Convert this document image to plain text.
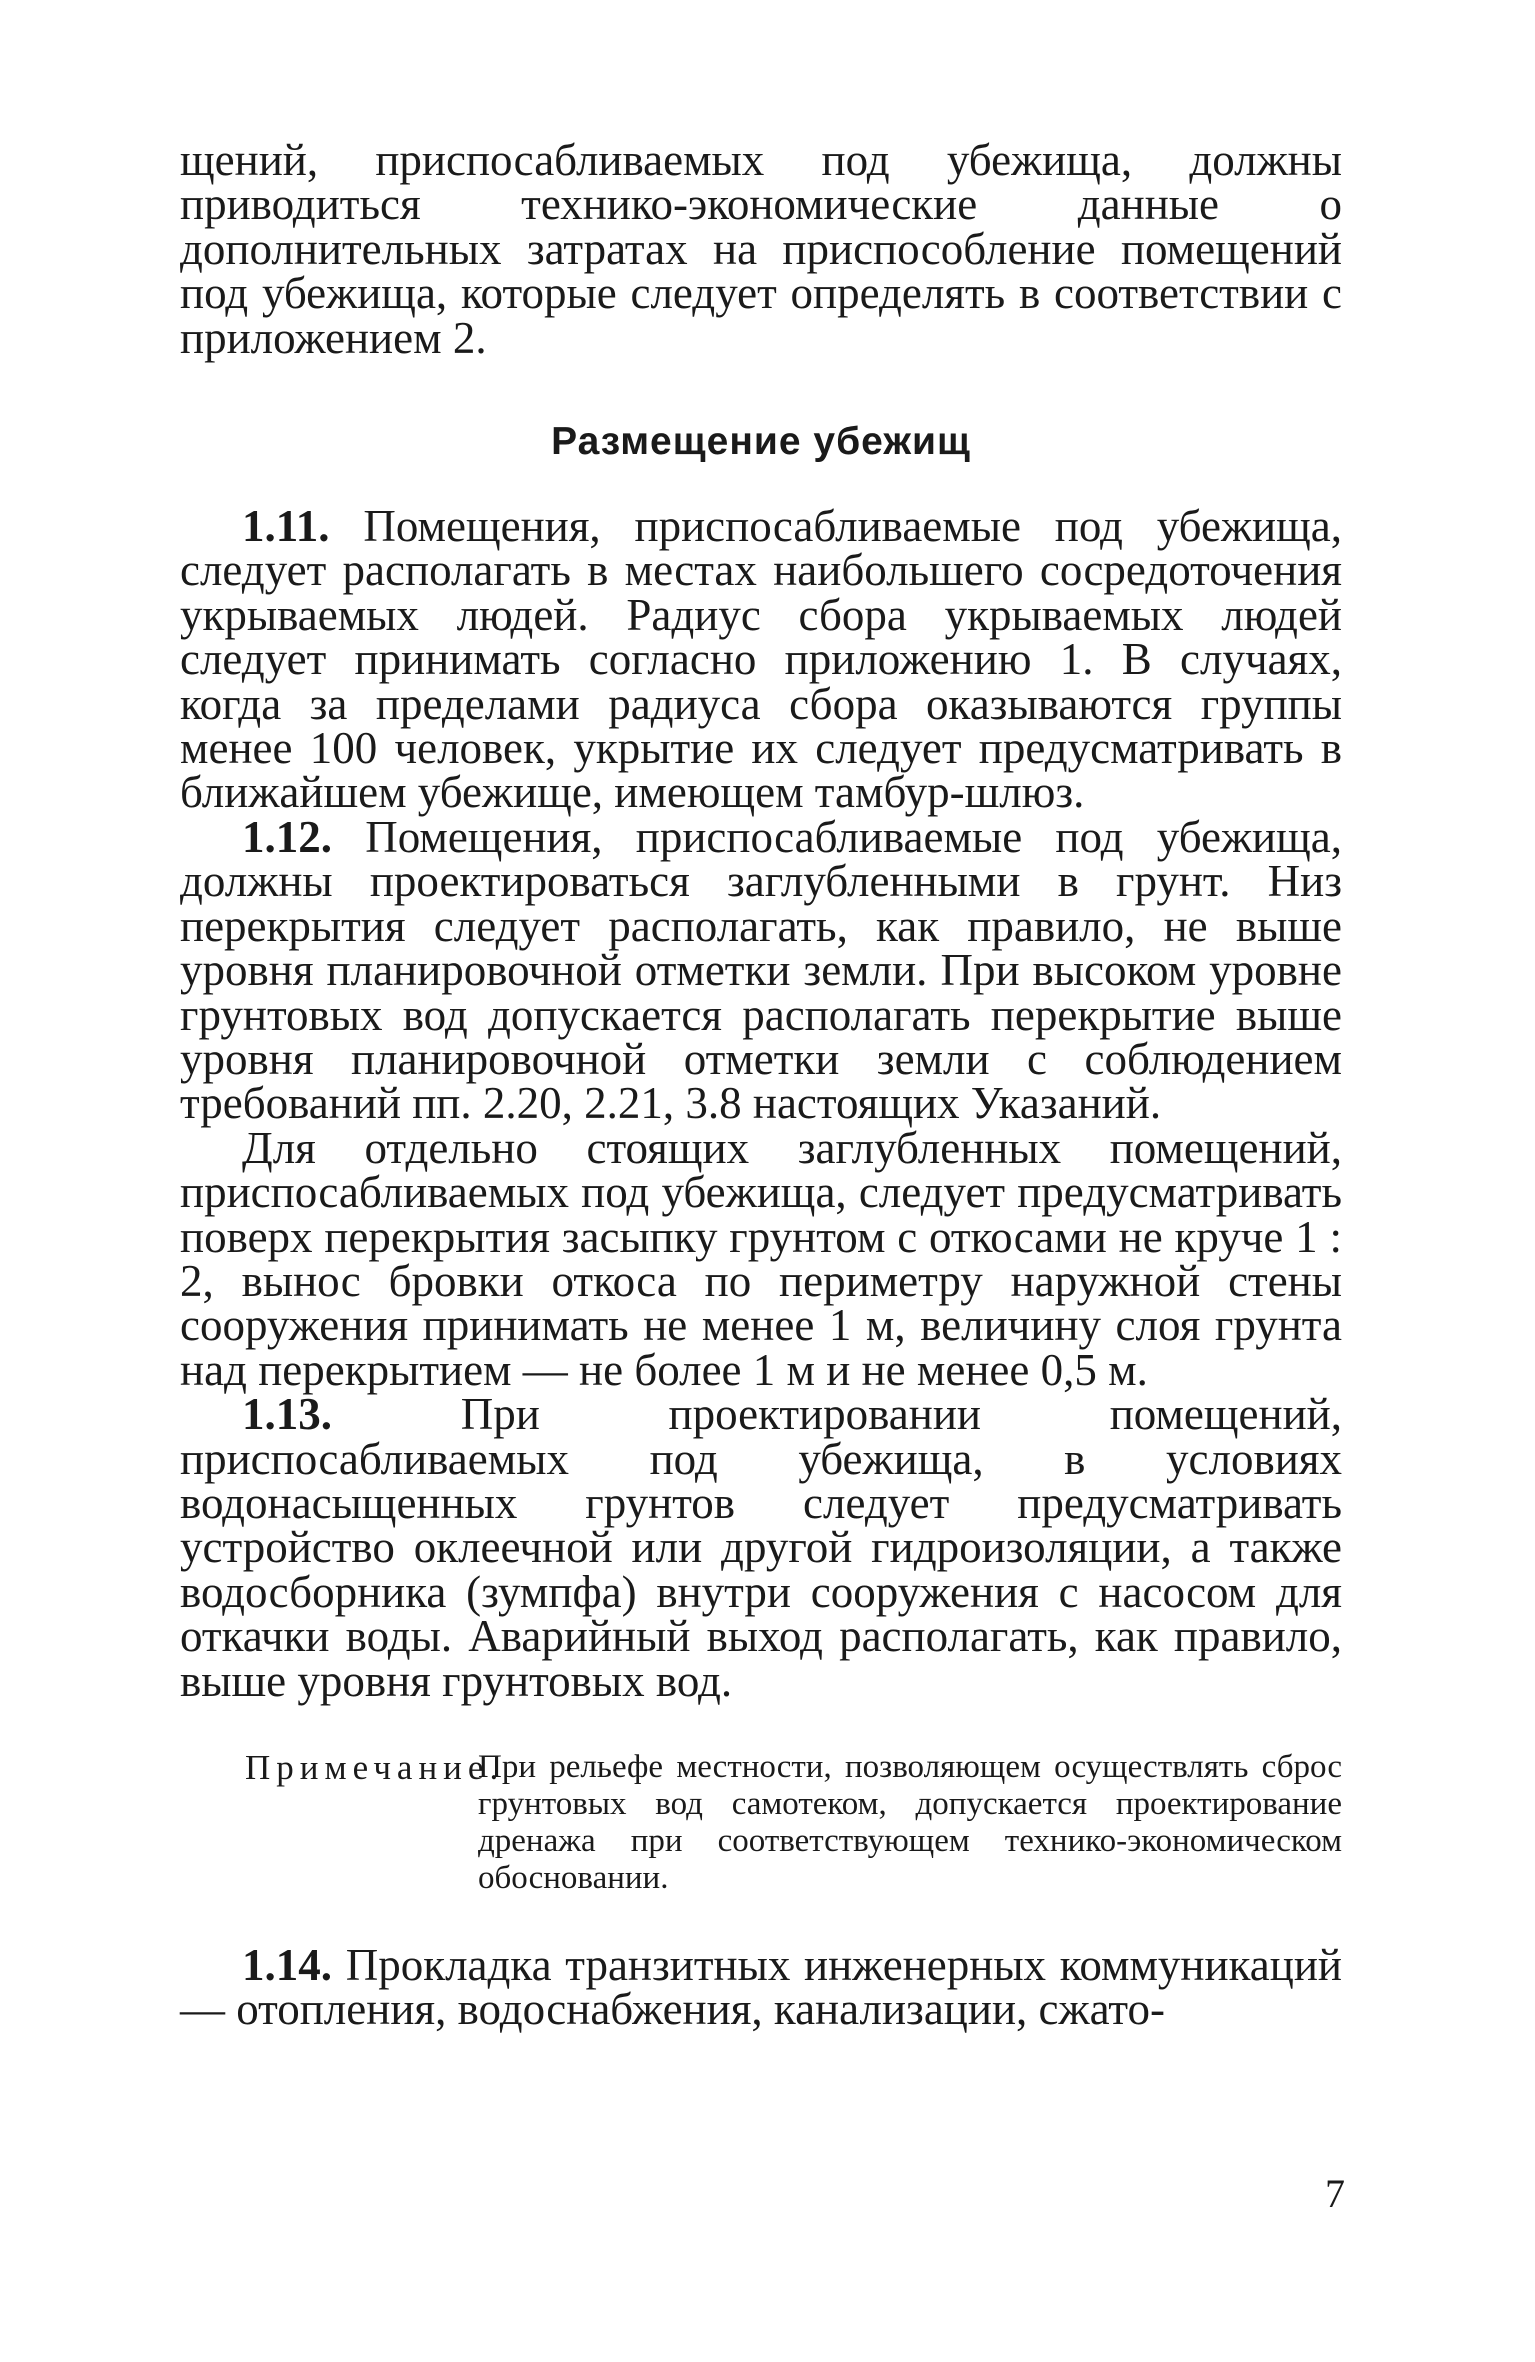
щений, приспосабливаемых под убежища, должны приводиться технико-экономические данные о дополнительных затратах на приспособление помещений под убежища, которые следует определять в соответствии с приложением 2.

Размещение убежищ

1.11. Помещения, приспосабливаемые под убежища, следует располагать в местах наибольшего сосредоточения укрываемых людей. Радиус сбора укрываемых людей следует принимать согласно приложению 1. В случаях, когда за пределами радиуса сбора оказываются группы менее 100 человек, укрытие их следует предусматривать в ближайшем убежище, имеющем тамбур-шлюз.

1.12. Помещения, приспосабливаемые под убежища, должны проектироваться заглубленными в грунт. Низ перекрытия следует располагать, как правило, не выше уровня планировочной отметки земли. При высоком уровне грунтовых вод допускается располагать перекрытие выше уровня планировочной отметки земли с соблюдением требований пп. 2.20, 2.21, 3.8 настоящих Указаний.

Для отдельно стоящих заглубленных помещений, приспосабливаемых под убежища, следует предусматривать поверх перекрытия засыпку грунтом с откосами не круче 1 : 2, вынос бровки откоса по периметру наружной стены сооружения принимать не менее 1 м, величину слоя грунта над перекрытием — не более 1 м и не менее 0,5 м.

1.13.	При проектировании помещений, приспосабливаемых под убежища, в условиях водонасыщенных грунтов следует предусматривать устройство оклеечной или другой гидроизоляции, а также водосборника (зумпфа) внутри сооружения с насосом для откачки воды. Аварийный выход располагать, как правило, выше уровня грунтовых вод.

Примечание.
При рельефе местности, позволяющем осуществлять сброс грунтовых вод самотеком, допускается проектирование дренажа при соответствующем технико-экономическом обосновании.

1.14. Прокладка транзитных инженерных коммуникаций — отопления, водоснабжения, канализации, сжато-

7
